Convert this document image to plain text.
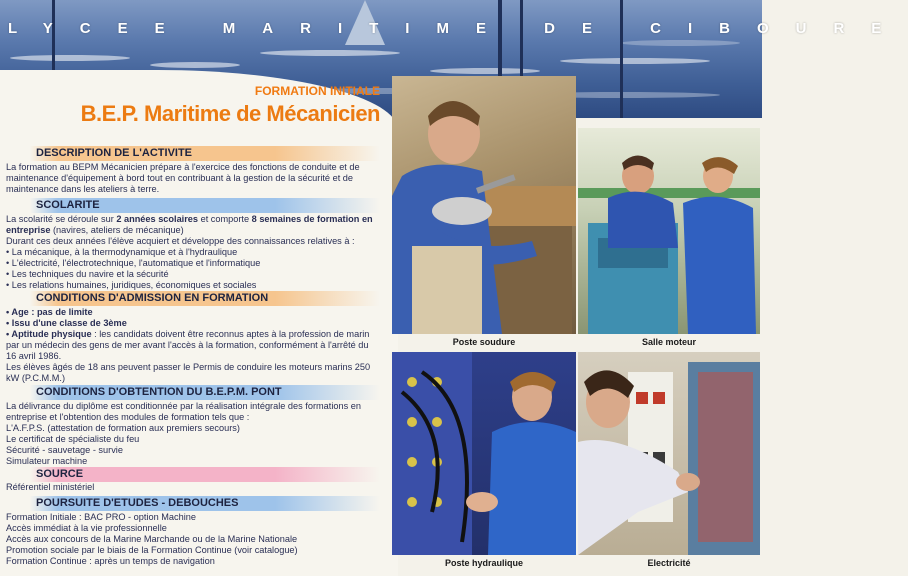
LYCEE MARITIME DE CIBOURE
FORMATION INITIALE
B.E.P. Maritime de Mécanicien
DESCRIPTION DE L'ACTIVITE

La formation au BEPM Mécanicien prépare à l'exercice des fonctions de conduite et de

maintenance d'équipement à bord tout en contribuant à la gestion de la sécurité et de

maintenance dans les ateliers à terre.

SCOLARITE

La scolarité se déroule sur 2 années scolaires et comporte 8 semaines de formation en

entreprise (navires, ateliers de mécanique)

Durant ces deux années l'élève acquiert et développe des connaissances relatives à :

• La mécanique, à la thermodynamique et à l'hydraulique

• L'électricité, l'électrotechnique, l'automatique et l'informatique

• Les techniques du navire et la sécurité

• Les relations humaines, juridiques, économiques et sociales

CONDITIONS D'ADMISSION EN FORMATION

• Age : pas de limite

• Issu d'une classe de 3ème

• Aptitude physique : les candidats doivent être reconnus aptes à la profession de marin

par un médecin des gens de mer avant l'accès à la formation, conformément à l'arrêté du

16 avril 1986.

Les élèves âgés de 18 ans peuvent passer le Permis de conduire les moteurs marins 250

kW (P.C.M.M.)

CONDITIONS D'OBTENTION DU B.E.P.M. PONT

La délivrance du diplôme est conditionnée par la réalisation intégrale des formations en

entreprise et l'obtention des modules de formation tels que :

L'A.F.P.S. (attestation de formation aux premiers secours)

Le certificat de spécialiste du feu

Sécurité - sauvetage - survie

Simulateur machine

SOURCE

Référentiel ministériel

POURSUITE D'ETUDES - DEBOUCHES

Formation Initiale : BAC PRO - option Machine

Accès immédiat à la vie professionnelle

Accès aux concours de la Marine Marchande ou de la Marine Nationale

Promotion sociale par le biais de la Formation Continue (voir catalogue)

Formation Continue : après un temps de navigation

Poste soudure	Salle moteur
Poste hydraulique	Electricité
